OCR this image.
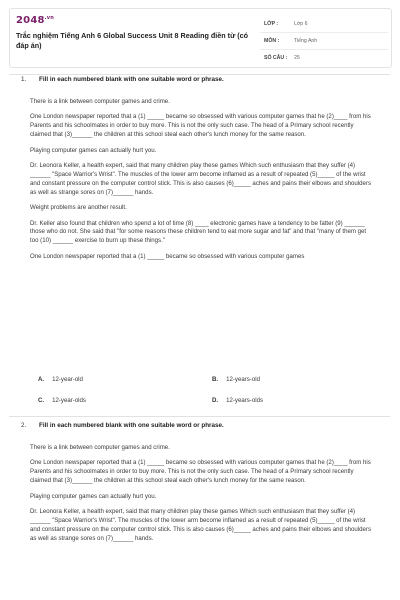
$2048^{.vn}$
Trắc nghiệm Tiếng Anh 6 Global Success Unit 8 Reading điền từ (có đáp án)
LỚP :	Lớp 6
MÔN :	Tiếng Anh
SỐ CÂU : 25
1. Fill in each numbered blank with one suitable word or phrase.

There is a link between computer games and crime.

One London newspaper reported that a (1) _____ became so obsessed with various computer games that he (2)____ from his Parents and his schoolmates in order to buy more. This is not the only such case. The head of a Primary school recently claimed that (3)______ the children at this school steal each other's lunch money for the same reason.

Playing computer games can actually hurt you.

Dr. Leonora Keller, a health expert, said that many children play these games Which such enthusiasm that they suffer (4) ______ "Space Warrior's Wrist". The muscles of the lower arm become inflamed as a result of repeated (5)_____ of the wrist and constant pressure on the computer control stick. This is also causes (6)_____ aches and pains their elbows and shoulders as well as strange sores on (7)______ hands.

Weight problems are another result.

Dr. Keller also found that children who spend a lot of time (8) ____ electronic games have a tendency to be fatter (9) ______ those who do not. She said that "for some reasons these children tend to eat more sugar and fat" and that "many of them get too (10) ______ exercise to burn up these things."

One London newspaper reported that a (1) _____ became so obsessed with various computer games

A. 12-year-old	B. 12-years-old
C. 12-year-olds	D. 12-years-olds
2. Fill in each numbered blank with one suitable word or phrase.

There is a link between computer games and crime.

One London newspaper reported that a (1) _____ became so obsessed with various computer games that he (2)____ from his Parents and his schoolmates in order to buy more. This is not the only such case. The head of a Primary school recently claimed that (3)______ the children at this school steal each other's lunch money for the same reason.

Playing computer games can actually hurt you.

Dr. Leonora Keller, a health expert, said that many children play these games Which such enthusiasm that they suffer (4) ______ "Space Warrior's Wrist". The muscles of the lower arm become inflamed as a result of repeated (5)_____ of the wrist and constant pressure on the computer control stick. This is also causes (6)_____ aches and pains their elbows and shoulders as well as strange sores on (7)______ hands.
